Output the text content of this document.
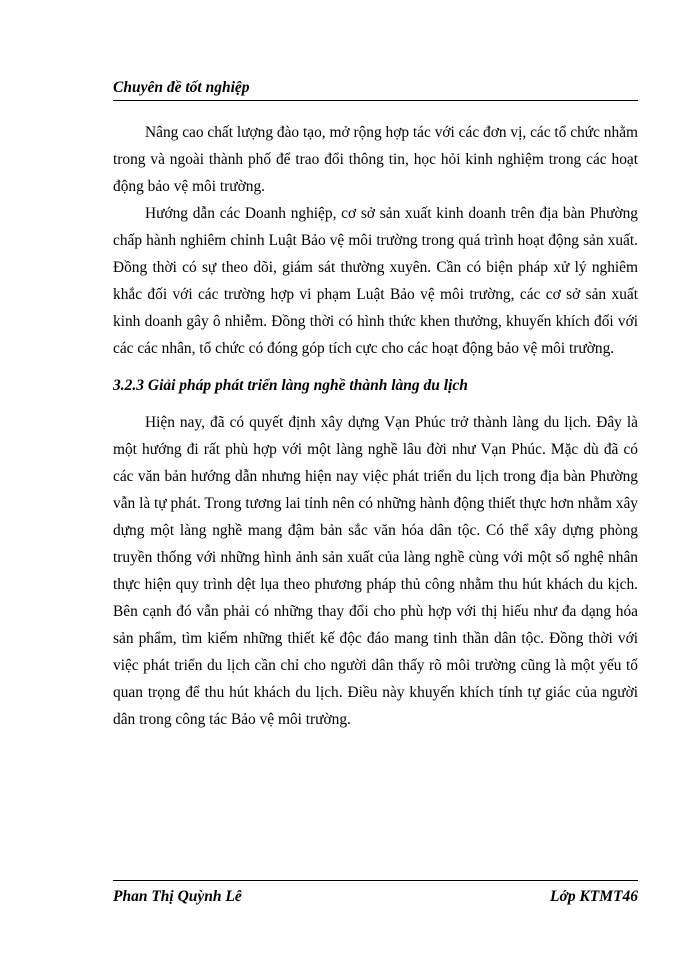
Chuyên đề tốt nghiệp

Nâng cao chất lượng đào tạo, mở rộng hợp tác với các đơn vị, các tổ chức nhằm trong và ngoài thành phố để trao đổi thông tin, học hỏi kinh nghiệm trong các hoạt động bảo vệ môi trường.

Hướng dẫn các Doanh nghiệp, cơ sở sản xuất kinh doanh trên địa bàn Phường chấp hành nghiêm chỉnh Luật Bảo vệ môi trường trong quá trình hoạt động sản xuất. Đồng thời có sự theo dõi, giám sát thường xuyên. Cần có biện pháp xử lý nghiêm khắc đối với các trường hợp vi phạm Luật Bảo vệ môi trường, các cơ sở sản xuất kinh doanh gây ô nhiễm. Đồng thời có hình thức khen thưởng, khuyến khích đối với các các nhân, tổ chức có đóng góp tích cực cho các hoạt động bảo vệ môi trường.

3.2.3 Giải pháp phát triển làng nghề thành làng du lịch

Hiện nay, đã có quyết định xây dựng Vạn Phúc trở thành làng du lịch. Đây là một hướng đi rất phù hợp với một làng nghề lâu đời như Vạn Phúc. Mặc dù đã có các văn bản hướng dẫn nhưng hiện nay việc phát triển du lịch trong địa bàn Phường vẫn là tự phát. Trong tương lai tỉnh nên có những hành động thiết thực hơn nhằm xây dựng một làng nghề mang đậm bản sắc văn hóa dân tộc. Có thể xây dựng phòng truyền thống với những hình ảnh sản xuất của làng nghề cùng với một số nghệ nhân thực hiện quy trình dệt lụa theo phương pháp thủ công nhằm thu hút khách du kịch. Bên cạnh đó vẫn phải có những thay đổi cho phù hợp với thị hiếu như đa dạng hóa sản phẩm, tìm kiếm những thiết kế độc đáo mang tinh thần dân tộc. Đồng thời với việc phát triển du lịch cần chỉ cho người dân thấy rõ môi trường cũng là một yếu tố quan trọng để thu hút khách du lịch. Điều này khuyến khích tính tự giác của người dân trong công tác Bảo vệ môi trường.

Phan Thị Quỳnh Lê	Lớp KTMT46
